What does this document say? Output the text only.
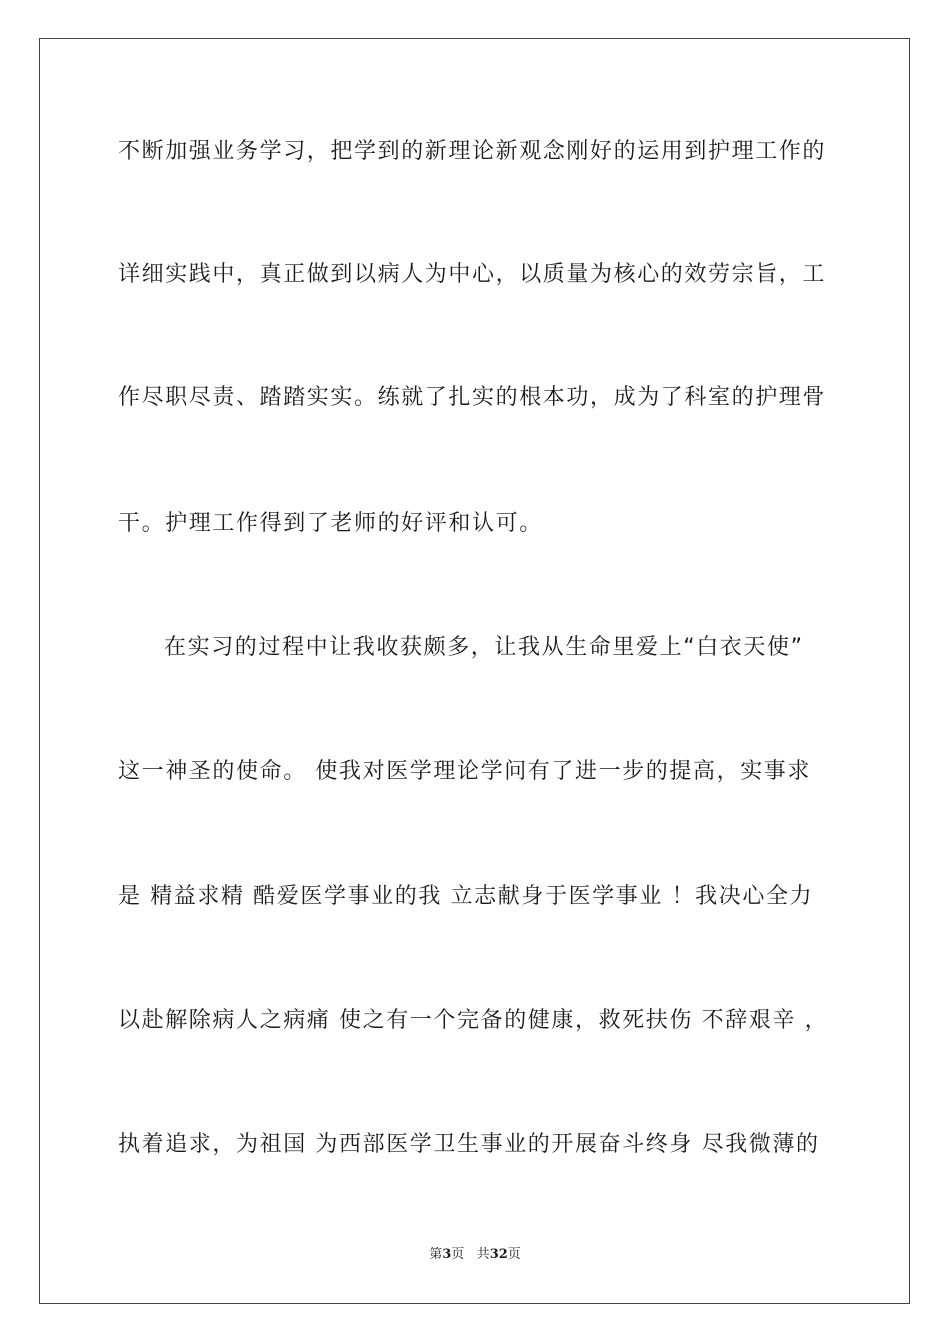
不断加强业务学习，把学到的新理论新观念刚好的运用到护理工作的
详细实践中，真正做到以病人为中心，以质量为核心的效劳宗旨，工
作尽职尽责、踏踏实实。练就了扎实的根本功，成为了科室的护理骨
干。护理工作得到了老师的好评和认可。
在实习的过程中让我收获颇多，让我从生命里爱上“白衣天使”
这一神圣的使命。 使我对医学理论学问有了进一步的提高，实事求
是 精益求精 酷爱医学事业的我 立志献身于医学事业 ！我决心全力
以赴解除病人之病痛 使之有一个完备的健康，救死扶伤 不辞艰辛 ，
执着追求，为祖国 为西部医学卫生事业的开展奋斗终身 尽我微薄的
第3页 共32页
